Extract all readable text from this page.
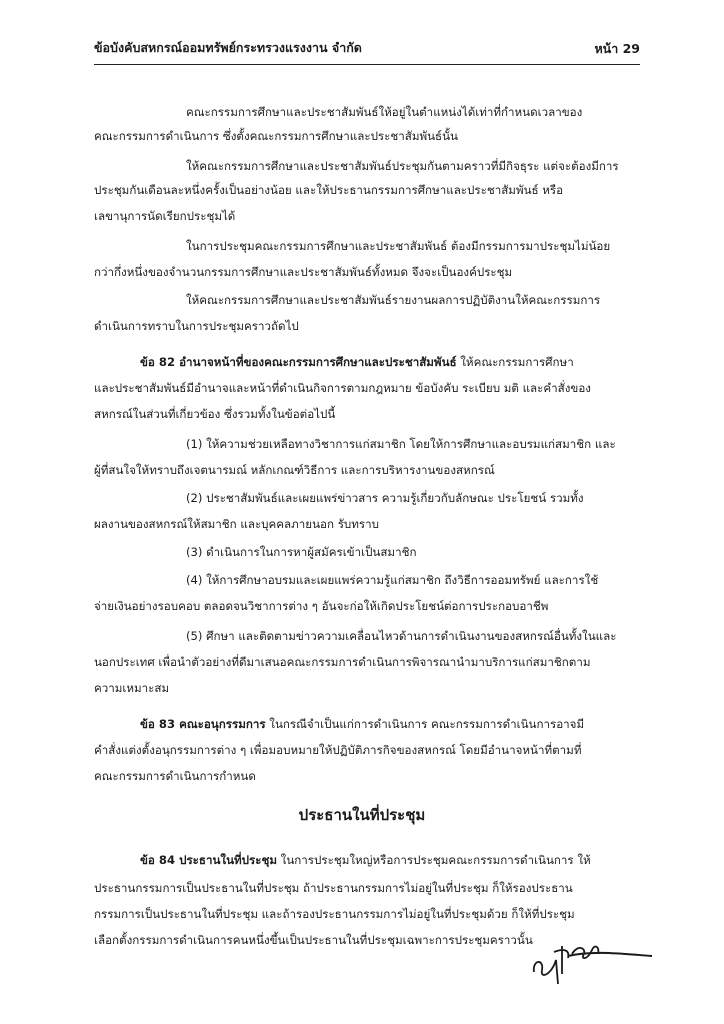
ข้อบังคับสหกรณ์ออมทรัพย์กระทรวงแรงงาน จำกัด	หน้า 29
คณะกรรมการศึกษาและประชาสัมพันธ์ให้อยู่ในตำแหน่งได้เท่าที่กำหนดเวลาของ
คณะกรรมการดำเนินการ ซึ่งตั้งคณะกรรมการศึกษาและประชาสัมพันธ์นั้น
ให้คณะกรรมการศึกษาและประชาสัมพันธ์ประชุมกันตามคราวที่มีกิจธุระ แต่จะต้องมีการ
ประชุมกันเดือนละหนึ่งครั้งเป็นอย่างน้อย และให้ประธานกรรมการศึกษาและประชาสัมพันธ์ หรือ
เลขานุการนัดเรียกประชุมได้
ในการประชุมคณะกรรมการศึกษาและประชาสัมพันธ์ ต้องมีกรรมการมาประชุมไม่น้อย
กว่ากึ่งหนึ่งของจำนวนกรรมการศึกษาและประชาสัมพันธ์ทั้งหมด จึงจะเป็นองค์ประชุม
ให้คณะกรรมการศึกษาและประชาสัมพันธ์รายงานผลการปฏิบัติงานให้คณะกรรมการ
ดำเนินการทราบในการประชุมคราวถัดไป
ข้อ 82 อำนาจหน้าที่ของคณะกรรมการศึกษาและประชาสัมพันธ์ ให้คณะกรรมการศึกษา
และประชาสัมพันธ์มีอำนาจและหน้าที่ดำเนินกิจการตามกฎหมาย ข้อบังคับ ระเบียบ มติ และคำสั่งของ
สหกรณ์ในส่วนที่เกี่ยวข้อง ซึ่งรวมทั้งในข้อต่อไปนี้
(1) ให้ความช่วยเหลือทางวิชาการแก่สมาชิก โดยให้การศึกษาและอบรมแก่สมาชิก และ
ผู้ที่สนใจให้ทราบถึงเจตนารมณ์ หลักเกณฑ์วิธีการ และการบริหารงานของสหกรณ์
(2) ประชาสัมพันธ์และเผยแพร่ข่าวสาร ความรู้เกี่ยวกับลักษณะ ประโยชน์ รวมทั้ง
ผลงานของสหกรณ์ให้สมาชิก และบุคคลภายนอก รับทราบ
(3) ดำเนินการในการหาผู้สมัครเข้าเป็นสมาชิก
(4) ให้การศึกษาอบรมและเผยแพร่ความรู้แก่สมาชิก ถึงวิธีการออมทรัพย์ และการใช้
จ่ายเงินอย่างรอบคอบ ตลอดจนวิชาการต่าง ๆ อันจะก่อให้เกิดประโยชน์ต่อการประกอบอาชีพ
(5) ศึกษา และติดตามข่าวความเคลื่อนไหวด้านการดำเนินงานของสหกรณ์อื่นทั้งในและ
นอกประเทศ เพื่อนำตัวอย่างที่ดีมาเสนอคณะกรรมการดำเนินการพิจารณานำมาบริการแก่สมาชิกตาม
ความเหมาะสม
ข้อ 83 คณะอนุกรรมการ ในกรณีจำเป็นแก่การดำเนินการ คณะกรรมการดำเนินการอาจมี
คำสั่งแต่งตั้งอนุกรรมการต่าง ๆ เพื่อมอบหมายให้ปฏิบัติภารกิจของสหกรณ์ โดยมีอำนาจหน้าที่ตามที่
คณะกรรมการดำเนินการกำหนด
ข้อ 84 ประธานในที่ประชุม ในการประชุมใหญ่หรือการประชุมคณะกรรมการดำเนินการ ให้
ประธานกรรมการเป็นประธานในที่ประชุม ถ้าประธานกรรมการไม่อยู่ในที่ประชุม ก็ให้รองประธาน
กรรมการเป็นประธานในที่ประชุม และถ้ารองประธานกรรมการไม่อยู่ในที่ประชุมด้วย ก็ให้ที่ประชุม
เลือกตั้งกรรมการดำเนินการคนหนึ่งขึ้นเป็นประธานในที่ประชุมเฉพาะการประชุมคราวนั้น
ประธานในที่ประชุม
